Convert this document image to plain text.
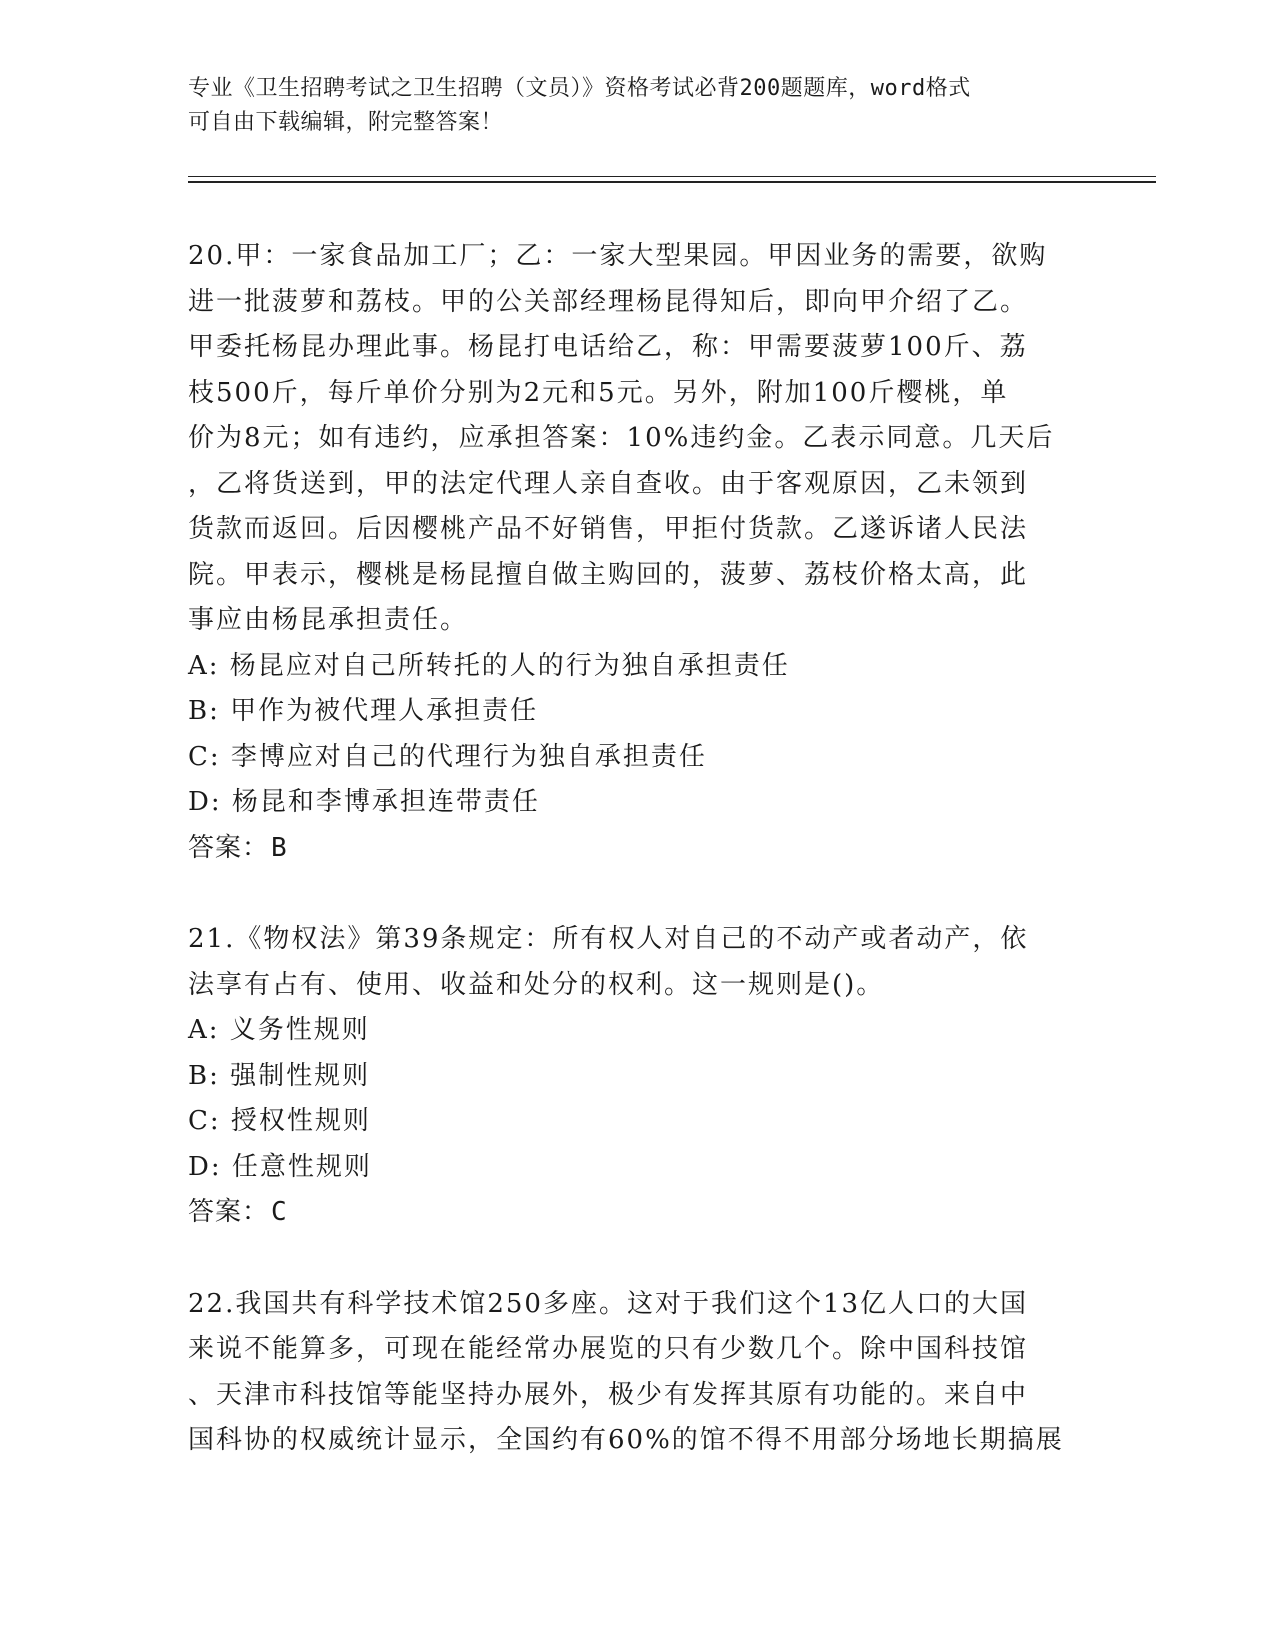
专业《卫生招聘考试之卫生招聘（文员）》资格考试必背200题题库，word格式
可自由下载编辑，附完整答案！
20.甲：一家食品加工厂；乙：一家大型果园。甲因业务的需要，欲购
进一批菠萝和荔枝。甲的公关部经理杨昆得知后，即向甲介绍了乙。
甲委托杨昆办理此事。杨昆打电话给乙，称：甲需要菠萝100斤、荔
枝500斤，每斤单价分别为2元和5元。另外，附加100斤樱桃，单
价为8元；如有违约，应承担答案：10%违约金。乙表示同意。几天后
，乙将货送到，甲的法定代理人亲自查收。由于客观原因，乙未领到
货款而返回。后因樱桃产品不好销售，甲拒付货款。乙遂诉诸人民法
院。甲表示，樱桃是杨昆擅自做主购回的，菠萝、荔枝价格太高，此
事应由杨昆承担责任。
A: 杨昆应对自己所转托的人的行为独自承担责任
B: 甲作为被代理人承担责任
C: 李博应对自己的代理行为独自承担责任
D: 杨昆和李博承担连带责任
答案：B
21.《物权法》第39条规定：所有权人对自己的不动产或者动产，依
法享有占有、使用、收益和处分的权利。这一规则是()。
A: 义务性规则
B: 强制性规则
C: 授权性规则
D: 任意性规则
答案：C
22.我国共有科学技术馆250多座。这对于我们这个13亿人口的大国
来说不能算多，可现在能经常办展览的只有少数几个。除中国科技馆
、天津市科技馆等能坚持办展外，极少有发挥其原有功能的。来自中
国科协的权威统计显示，全国约有60%的馆不得不用部分场地长期搞展
